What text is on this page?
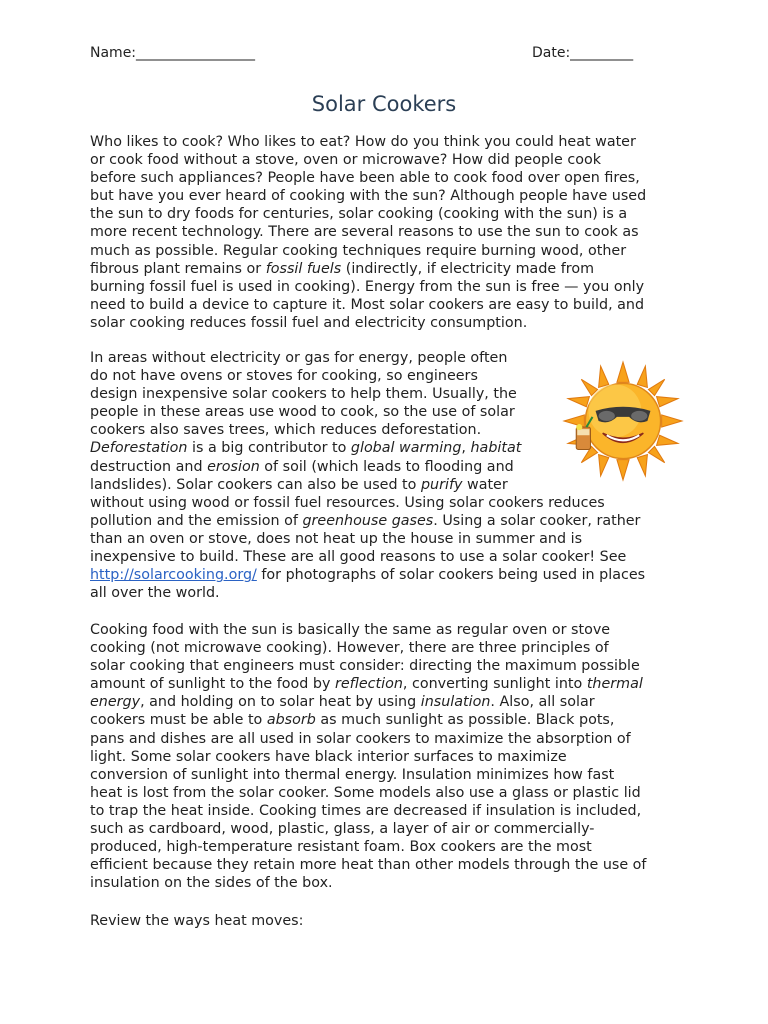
Name:_________________	Date:_________
Solar Cookers

Who likes to cook? Who likes to eat? How do you think you could heat water
or cook food without a stove, oven or microwave? How did people cook
before such appliances? People have been able to cook food over open fires,
but have you ever heard of cooking with the sun? Although people have used
the sun to dry foods for centuries, solar cooking (cooking with the sun) is a
more recent technology. There are several reasons to use the sun to cook as
much as possible. Regular cooking techniques require burning wood, other
fibrous plant remains or fossil fuels (indirectly, if electricity made from
burning fossil fuel is used in cooking). Energy from the sun is free — you only
need to build a device to capture it. Most solar cookers are easy to build, and
solar cooking reduces fossil fuel and electricity consumption.

In areas without electricity or gas for energy, people often
do not have ovens or stoves for cooking, so engineers
design inexpensive solar cookers to help them. Usually, the
people in these areas use wood to cook, so the use of solar
cookers also saves trees, which reduces deforestation.
Deforestation is a big contributor to global warming, habitat
destruction and erosion of soil (which leads to flooding and
landslides). Solar cookers can also be used to purify water
without using wood or fossil fuel resources. Using solar cookers reduces
pollution and the emission of greenhouse gases. Using a solar cooker, rather
than an oven or stove, does not heat up the house in summer and is
inexpensive to build. These are all good reasons to use a solar cooker! See
http://solarcooking.org/ for photographs of solar cookers being used in places
all over the world.

Cooking food with the sun is basically the same as regular oven or stove
cooking (not microwave cooking). However, there are three principles of
solar cooking that engineers must consider: directing the maximum possible
amount of sunlight to the food by reflection, converting sunlight into thermal
energy, and holding on to solar heat by using insulation. Also, all solar
cookers must be able to absorb as much sunlight as possible. Black pots,
pans and dishes are all used in solar cookers to maximize the absorption of
light. Some solar cookers have black interior surfaces to maximize
conversion of sunlight into thermal energy. Insulation minimizes how fast
heat is lost from the solar cooker. Some models also use a glass or plastic lid
to trap the heat inside. Cooking times are decreased if insulation is included,
such as cardboard, wood, plastic, glass, a layer of air or commercially-
produced, high-temperature resistant foam. Box cookers are the most
efficient because they retain more heat than other models through the use of
insulation on the sides of the box.

Review the ways heat moves:
